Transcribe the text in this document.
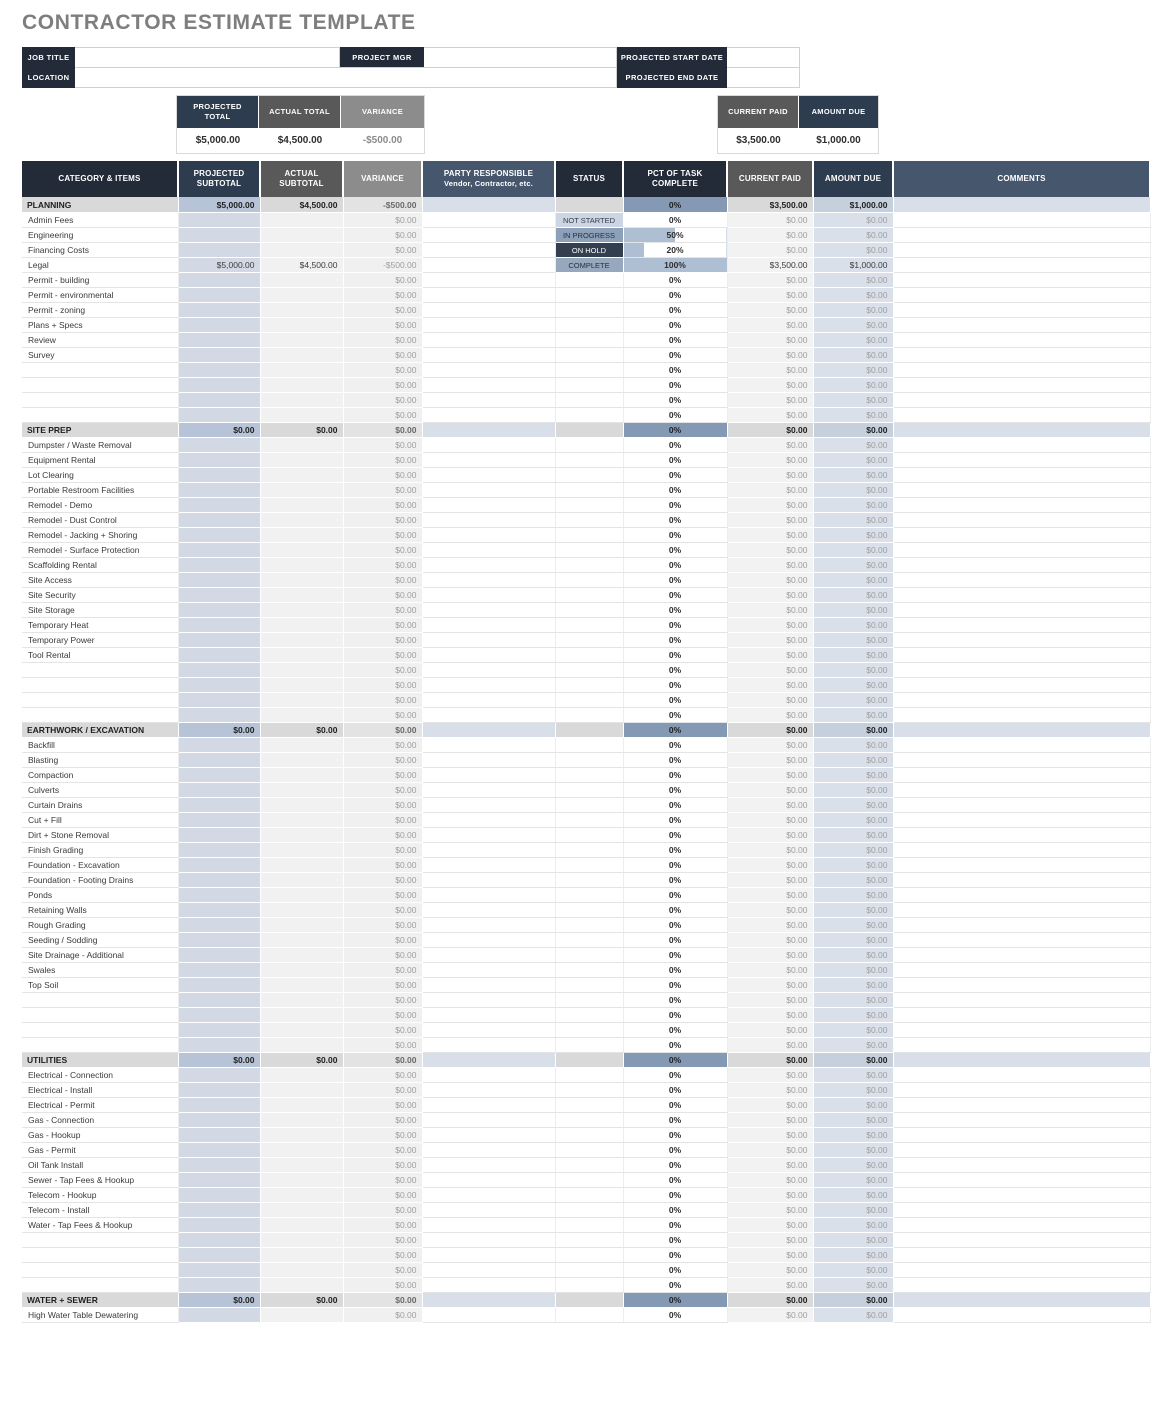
CONTRACTOR ESTIMATE TEMPLATE
JOB TITLE	PROJECT MGR	PROJECTED START DATE
LOCATION	PROJECTED END DATE
PROJECTED TOTAL
ACTUAL TOTAL	VARIANCE
$5,000.00	$4,500.00	-$500.00
CURRENT PAID	AMOUNT DUE
$3,500.00	$1,000.00
CATEGORY & ITEMS	PROJECTED SUBTOTAL	ACTUAL SUBTOTAL	VARIANCE	PARTY RESPONSIBLE
Vendor, Contractor, etc.	STATUS	PCT OF TASK COMPLETE	CURRENT PAID	AMOUNT DUE	COMMENTS
PLANNING	$5,000.00	$4,500.00	-$500.00			0%	$3,500.00	$1,000.00	
Admin Fees			$0.00		NOT STARTED	0%	$0.00	$0.00	
Engineering			$0.00		IN PROGRESS	50%	$0.00	$0.00	
Financing Costs			$0.00		ON HOLD	20%	$0.00	$0.00	
Legal	$5,000.00	$4,500.00	-$500.00		COMPLETE	100%	$3,500.00	$1,000.00	
Permit - building			$0.00			0%	$0.00	$0.00	
Permit - environmental			$0.00			0%	$0.00	$0.00	
Permit - zoning			$0.00			0%	$0.00	$0.00	
Plans + Specs			$0.00			0%	$0.00	$0.00	
Review			$0.00			0%	$0.00	$0.00	
Survey			$0.00			0%	$0.00	$0.00	
			$0.00			0%	$0.00	$0.00	
			$0.00			0%	$0.00	$0.00	
			$0.00			0%	$0.00	$0.00	
			$0.00			0%	$0.00	$0.00	
SITE PREP	$0.00	$0.00	$0.00			0%	$0.00	$0.00	
Dumpster / Waste Removal			$0.00			0%	$0.00	$0.00	
Equipment Rental			$0.00			0%	$0.00	$0.00	
Lot Clearing			$0.00			0%	$0.00	$0.00	
Portable Restroom Facilities			$0.00			0%	$0.00	$0.00	
Remodel - Demo			$0.00			0%	$0.00	$0.00	
Remodel - Dust Control			$0.00			0%	$0.00	$0.00	
Remodel - Jacking + Shoring			$0.00			0%	$0.00	$0.00	
Remodel - Surface Protection			$0.00			0%	$0.00	$0.00	
Scaffolding Rental			$0.00			0%	$0.00	$0.00	
Site Access			$0.00			0%	$0.00	$0.00	
Site Security			$0.00			0%	$0.00	$0.00	
Site Storage			$0.00			0%	$0.00	$0.00	
Temporary Heat			$0.00			0%	$0.00	$0.00	
Temporary Power			$0.00			0%	$0.00	$0.00	
Tool Rental			$0.00			0%	$0.00	$0.00	
			$0.00			0%	$0.00	$0.00	
			$0.00			0%	$0.00	$0.00	
			$0.00			0%	$0.00	$0.00	
			$0.00			0%	$0.00	$0.00	
EARTHWORK / EXCAVATION	$0.00	$0.00	$0.00			0%	$0.00	$0.00	
Backfill			$0.00			0%	$0.00	$0.00	
Blasting			$0.00			0%	$0.00	$0.00	
Compaction			$0.00			0%	$0.00	$0.00	
Culverts			$0.00			0%	$0.00	$0.00	
Curtain Drains			$0.00			0%	$0.00	$0.00	
Cut + Fill			$0.00			0%	$0.00	$0.00	
Dirt + Stone Removal			$0.00			0%	$0.00	$0.00	
Finish Grading			$0.00			0%	$0.00	$0.00	
Foundation - Excavation			$0.00			0%	$0.00	$0.00	
Foundation - Footing Drains			$0.00			0%	$0.00	$0.00	
Ponds			$0.00			0%	$0.00	$0.00	
Retaining Walls			$0.00			0%	$0.00	$0.00	
Rough Grading			$0.00			0%	$0.00	$0.00	
Seeding / Sodding			$0.00			0%	$0.00	$0.00	
Site Drainage - Additional			$0.00			0%	$0.00	$0.00	
Swales			$0.00			0%	$0.00	$0.00	
Top Soil			$0.00			0%	$0.00	$0.00	
			$0.00			0%	$0.00	$0.00	
			$0.00			0%	$0.00	$0.00	
			$0.00			0%	$0.00	$0.00	
			$0.00			0%	$0.00	$0.00	
UTILITIES	$0.00	$0.00	$0.00			0%	$0.00	$0.00	
Electrical - Connection			$0.00			0%	$0.00	$0.00	
Electrical - Install			$0.00			0%	$0.00	$0.00	
Electrical - Permit			$0.00			0%	$0.00	$0.00	
Gas - Connection			$0.00			0%	$0.00	$0.00	
Gas - Hookup			$0.00			0%	$0.00	$0.00	
Gas - Permit			$0.00			0%	$0.00	$0.00	
Oil Tank Install			$0.00			0%	$0.00	$0.00	
Sewer - Tap Fees & Hookup			$0.00			0%	$0.00	$0.00	
Telecom - Hookup			$0.00			0%	$0.00	$0.00	
Telecom - Install			$0.00			0%	$0.00	$0.00	
Water - Tap Fees & Hookup			$0.00			0%	$0.00	$0.00	
			$0.00			0%	$0.00	$0.00	
			$0.00			0%	$0.00	$0.00	
			$0.00			0%	$0.00	$0.00	
			$0.00			0%	$0.00	$0.00	
WATER + SEWER	$0.00	$0.00	$0.00			0%	$0.00	$0.00	
High Water Table Dewatering			$0.00			0%	$0.00	$0.00	
